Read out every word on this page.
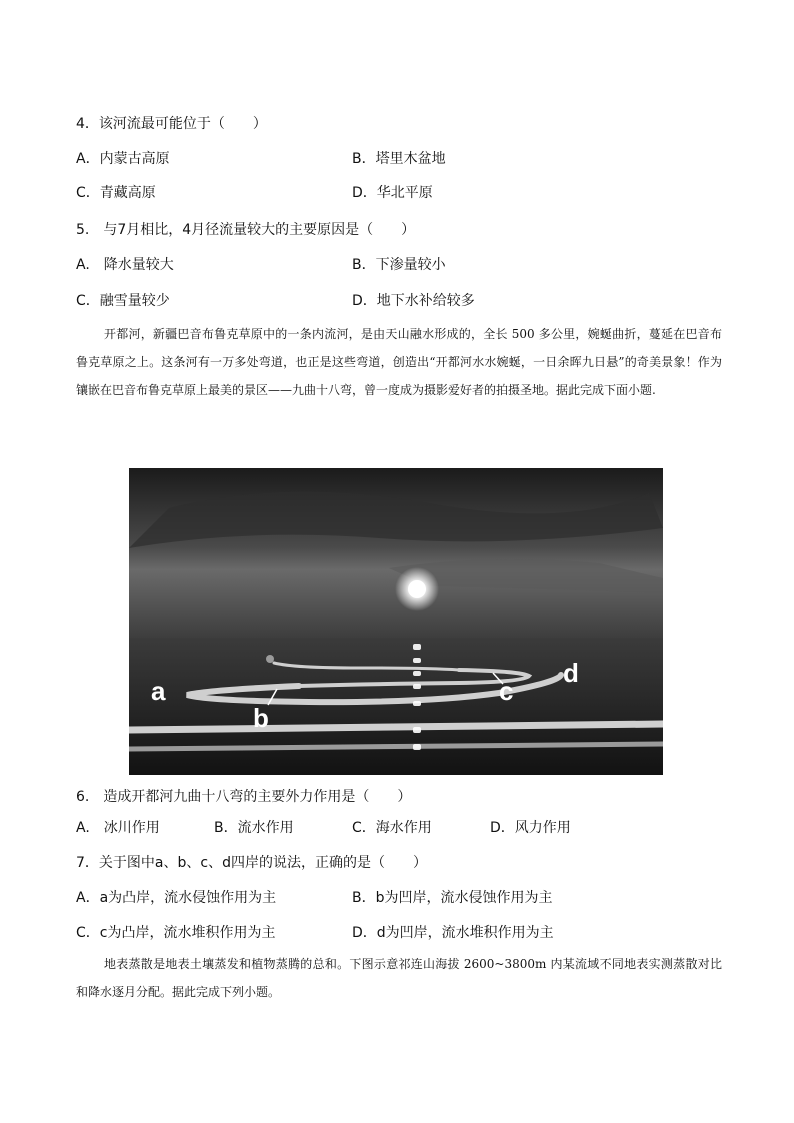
4．该河流最可能位于（　　）
A．内蒙古高原	B．塔里木盆地
C．青藏高原	D．华北平原
5.　与7月相比，4月径流量较大的主要原因是（　　）
A.　降水量较大	B．下渗量较小
C．融雪量较少	D．地下水补给较多
开都河，新疆巴音布鲁克草原中的一条内流河，是由天山融水形成的，全长 500 多公里，婉蜒曲折，蔓延在巴音布鲁克草原之上。这条河有一万多处弯道，也正是这些弯道，创造出“开都河水水婉蜒，一日余晖九日悬”的奇美景象！作为镶嵌在巴音布鲁克草原上最美的景区——九曲十八弯，曾一度成为摄影爱好者的拍摄圣地。据此完成下面小题.
a
b
c
d
6.　造成开都河九曲十八弯的主要外力作用是（　　）
A.　冰川作用	B．流水作用	C．海水作用	D．风力作用
7．关于图中a、b、c、d四岸的说法，正确的是（　　）
A．a为凸岸，流水侵蚀作用为主	B．b为凹岸，流水侵蚀作用为主
C．c为凸岸，流水堆积作用为主	D．d为凹岸，流水堆积作用为主
地表蒸散是地表土壤蒸发和植物蒸腾的总和。下图示意祁连山海拔 2600~3800m 内某流域不同地表实测蒸散对比和降水逐月分配。据此完成下列小题。
